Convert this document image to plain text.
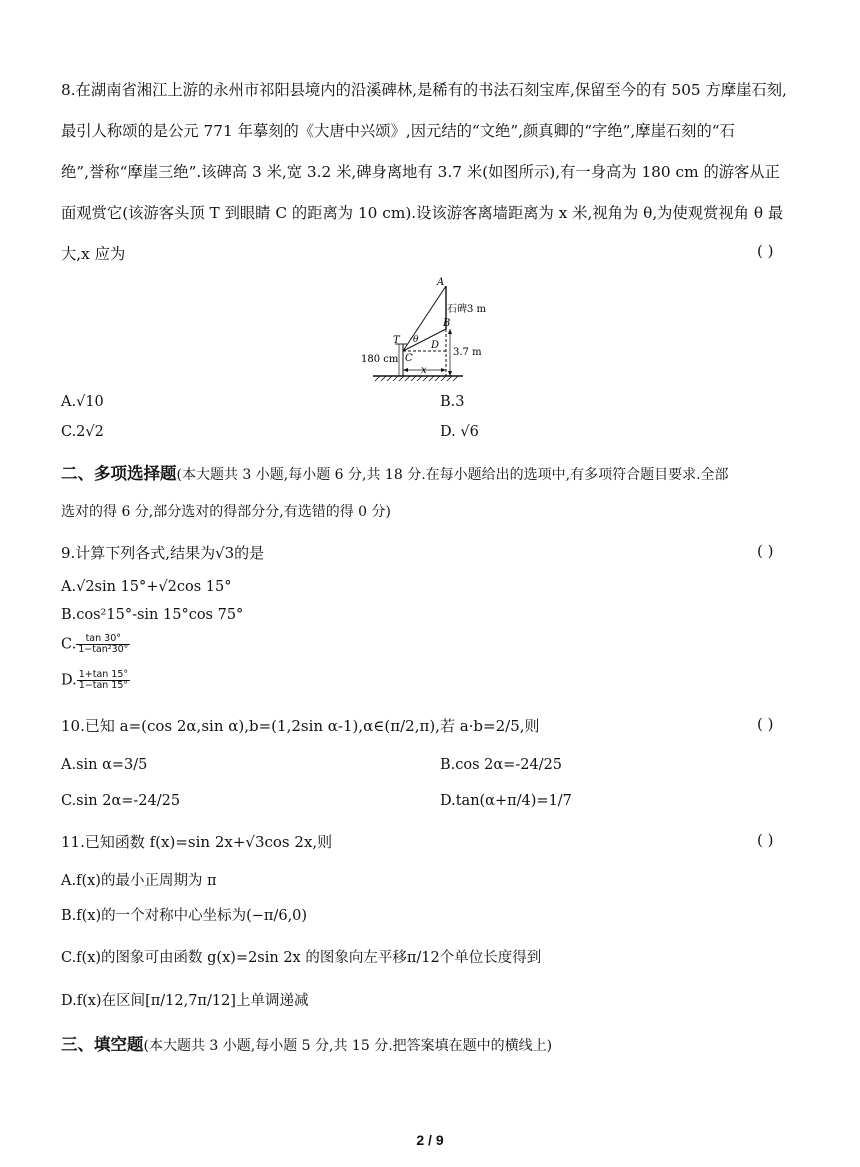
8.在湖南省湘江上游的永州市祁阳县境内的沿溪碑林,是稀有的书法石刻宝库,保留至今的有 505 方摩崖石刻,
最引人称颂的是公元 771 年摹刻的《大唐中兴颂》,因元结的“文绝”,颜真卿的“字绝”,摩崖石刻的“石
绝”,誉称“摩崖三绝”.该碑高 3 米,宽 3.2 米,碑身离地有 3.7 米(如图所示),有一身高为 180 cm 的游客从正
面观赏它(该游客头顶 T 到眼睛 C 的距离为 10 cm).设该游客离墙距离为 x 米,视角为 θ,为使观赏视角 θ 最
大,x 应为	( )
A
B
石碑3 m
T θ D
3.7 m
180 cm C
x
A.√10	B.3
C.2√2	D. √6
二、多项选择题(本大题共 3 小题,每小题 6 分,共 18 分.在每小题给出的选项中,有多项符合题目要求.全部
选对的得 6 分,部分选对的得部分分,有选错的得 0 分)
9.计算下列各式,结果为√3的是	( )
A.√2sin 15°+√2cos 15°
B.cos²15°-sin 15°cos 75°
C. $\frac{\tan 30^\circ}{\text{1−tan²30°}}$
D. $\frac{1+\tan 15^\circ}{1-\tan 15^\circ}$
10.已知 a=(cos 2α,sin α),b=(1,2sin α-1),α∈(π/2,π),若 a·b=2/5,则	( )
A.sin α=3/5	B.cos 2α=-24/25
C.sin 2α=-24/25	D.tan(α+π/4)=1/7
11.已知函数 f(x)=sin 2x+√3cos 2x,则	( )
A.f(x)的最小正周期为 π
B.f(x)的一个对称中心坐标为(−π/6,0)
C.f(x)的图象可由函数 g(x)=2sin 2x 的图象向左平移π/12个单位长度得到
D.f(x)在区间[π/12,7π/12]上单调递减
三、填空题(本大题共 3 小题,每小题 5 分,共 15 分.把答案填在题中的横线上)
2 / 9
